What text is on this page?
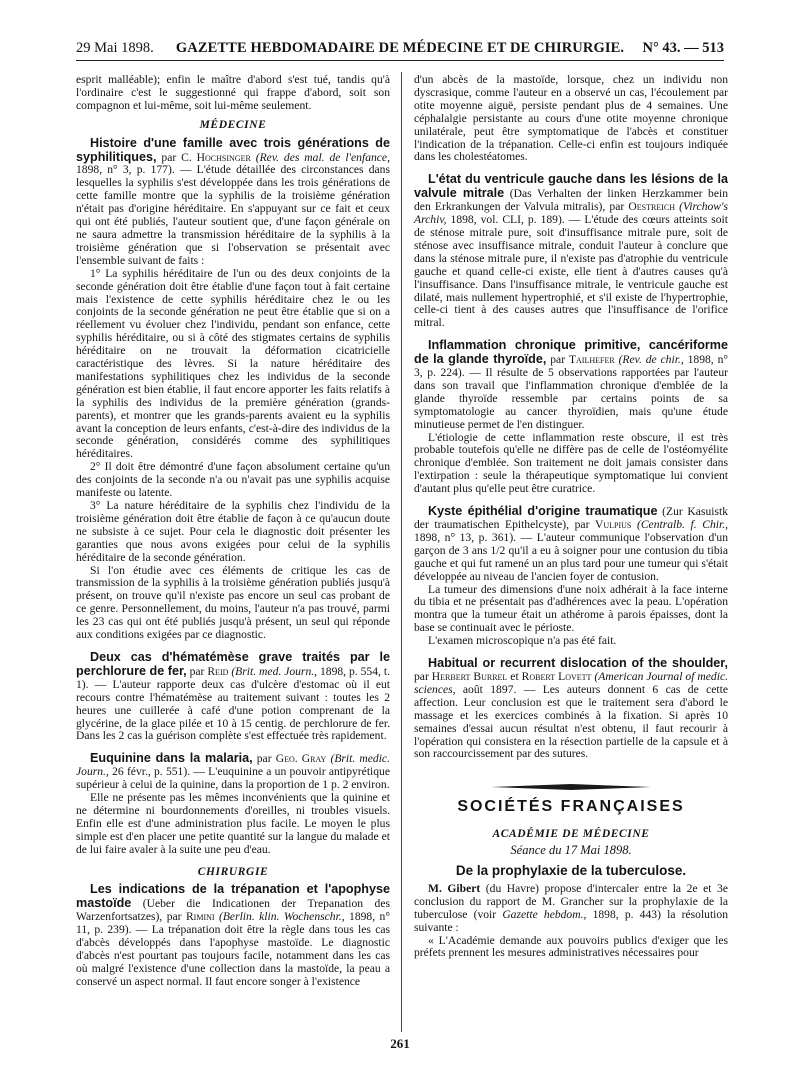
29 Mai 1898.	GAZETTE HEBDOMADAIRE DE MÉDECINE ET DE CHIRURGIE.	N° 43. — 513

esprit malléable); enfin le maître d'abord s'est tué, tandis qu'à l'ordinaire c'est le suggestionné qui frappe d'abord, soit son compagnon et lui-même, soit lui-même seulement.

MÉDECINE
Histoire d'une famille avec trois générations de syphilitiques, par C. Hochsinger (Rev. des mal. de l'enfance, 1898, n° 3, p. 177). — L'étude détaillée des circonstances dans lesquelles la syphilis s'est développée dans les trois générations de cette famille montre que la syphilis de la troisième génération n'était pas d'origine héréditaire. En s'appuyant sur ce fait et ceux qui ont été publiés, l'auteur soutient que, d'une façon générale on ne saura admettre la transmission héréditaire de la syphilis à la troisième génération que si l'observation se présentait avec l'ensemble suivant de faits :

1° La syphilis héréditaire de l'un ou des deux conjoints de la seconde génération doit être établie d'une façon tout à fait certaine mais l'existence de cette syphilis héréditaire chez le ou les conjoints de la seconde génération ne peut être établie que si on a réellement vu évoluer chez l'individu, pendant son enfance, cette syphilis héréditaire, ou si à côté des stigmates certains de syphilis héréditaire on ne trouvait la déformation cicatricielle caractéristique des lèvres. Si la nature héréditaire des manifestations syphilitiques chez les individus de la seconde génération est bien établie, il faut encore apporter les faits relatifs à la syphilis des individus de la première génération (grands-parents), et montrer que les grands-parents avaient eu la syphilis avant la conception de leurs enfants, c'est-à-dire des individus de la seconde génération, considérés comme des syphilitiques héréditaires.

2° Il doit être démontré d'une façon absolument certaine qu'un des conjoints de la seconde n'a ou n'avait pas une syphilis acquise manifeste ou latente.

3° La nature héréditaire de la syphilis chez l'individu de la troisième génération doit être établie de façon à ce qu'aucun doute ne subsiste à ce sujet. Pour cela le diagnostic doit présenter les garanties que nous avons exigées pour celui de la syphilis héréditaire de la seconde génération.

Si l'on étudie avec ces éléments de critique les cas de transmission de la syphilis à la troisième génération publiés jusqu'à présent, on trouve qu'il n'existe pas encore un seul cas probant de ce genre. Personnellement, du moins, l'auteur n'a pas trouvé, parmi les 23 cas qui ont été publiés jusqu'à présent, un seul qui réponde aux conditions exigées par ce diagnostic.

Deux cas d'hématémèse grave traités par le perchlorure de fer, par Reid (Brit. med. Journ., 1898, p. 554, t. 1). — L'auteur rapporte deux cas d'ulcère d'estomac où il eut recours contre l'hématémèse au traitement suivant : toutes les 2 heures une cuillerée à café d'une potion comprenant de la glycérine, de la glace pilée et 10 à 15 centig. de perchlorure de fer. Dans les 2 cas la guérison complète s'est effectuée très rapidement.
Euquinine dans la malaria, par Geo. Gray (Brit. medic. Journ., 26 févr., p. 551). — L'euquinine a un pouvoir antipyrétique supérieur à celui de la quinine, dans la proportion de 1 p. 2 environ.

Elle ne présente pas les mêmes inconvénients que la quinine et ne détermine ni bourdonnements d'oreilles, ni troubles visuels. Enfin elle est d'une administration plus facile. Le moyen le plus simple est d'en placer une petite quantité sur la langue du malade et de lui faire avaler à la suite une peu d'eau.

CHIRURGIE
Les indications de la trépanation et l'apophyse mastoïde (Ueber die Indicationen der Trepanation des Warzenfortsatzes), par Rimini (Berlin. klin. Wochenschr., 1898, n° 11, p. 239). — La trépanation doit être la règle dans tous les cas d'abcès développés dans l'apophyse mastoïde. Le diagnostic d'abcès n'est pourtant pas toujours facile, notamment dans les cas où malgré l'existence d'une collection dans la mastoïde, la peau a conservé un aspect normal. Il faut encore songer à l'existence

d'un abcès de la mastoïde, lorsque, chez un individu non dyscrasique, comme l'auteur en a observé un cas, l'écoulement par otite moyenne aiguë, persiste pendant plus de 4 semaines. Une céphalalgie persistante au cours d'une otite moyenne chronique unilatérale, peut être symptomatique de l'abcès et constituer l'indication de la trépanation. Celle-ci enfin est toujours indiquée dans les cholestéatomes.

L'état du ventricule gauche dans les lésions de la valvule mitrale (Das Verhalten der linken Herzkammer bein den Erkrankungen der Valvula mitralis), par Oestreich (Virchow's Archiv, 1898, vol. CLI, p. 189). — L'étude des cœurs atteints soit de sténose mitrale pure, soit d'insuffisance mitrale pure, soit de sténose avec insuffisance mitrale, conduit l'auteur à conclure que dans la sténose mitrale pure, il n'existe pas d'atrophie du ventricule gauche et quand celle-ci existe, elle tient à d'autres causes qu'à l'insuffisance. Dans l'insuffisance mitrale, le ventricule gauche est dilaté, mais nullement hypertrophié, et s'il existe de l'hypertrophie, celle-ci tient à des causes autres que l'insuffisance de l'orifice mitral.
Inflammation chronique primitive, cancériforme de la glande thyroïde, par Tailhefer (Rev. de chir., 1898, n° 3, p. 224). — Il résulte de 5 observations rapportées par l'auteur dans son travail que l'inflammation chronique d'emblée de la glande thyroïde ressemble par certains points de sa symptomatologie au cancer thyroïdien, mais qu'une étude minutieuse permet de l'en distinguer.

L'étiologie de cette inflammation reste obscure, il est très probable toutefois qu'elle ne diffère pas de celle de l'ostéomyélite chronique d'emblée. Son traitement ne doit jamais consister dans l'extirpation : seule la thérapeutique symptomatique lui convient d'autant plus qu'elle peut être curatrice.

Kyste épithélial d'origine traumatique (Zur Kasuistk der traumatischen Epithelcyste), par Vulpius (Centralb. f. Chir., 1898, n° 13, p. 361). — L'auteur communique l'observation d'un garçon de 3 ans 1/2 qu'il a eu à soigner pour une contusion du tibia gauche et qui fut ramené un an plus tard pour une tumeur qui s'était développée au niveau de l'ancien foyer de contusion.

La tumeur des dimensions d'une noix adhérait à la face interne du tibia et ne présentait pas d'adhérences avec la peau. L'opération montra que la tumeur était un athérome à parois épaisses, dont la base se continuait avec le périoste.

L'examen microscopique n'a pas été fait.

Habitual or recurrent dislocation of the shoulder, par Herbert Burrel et Robert Lovett (American Journal of medic. sciences, août 1897. — Les auteurs donnent 6 cas de cette affection. Leur conclusion est que le traitement sera d'abord le massage et les exercices combinés à la fixation. Si après 10 semaines d'essai aucun résultat n'est obtenu, il faut recourir à l'opération qui consistera en la résection partielle de la capsule et à son raccourcissement par des sutures.
SOCIÉTÉS FRANÇAISES
ACADÉMIE DE MÉDECINE
Séance du 17 Mai 1898.
De la prophylaxie de la tuberculose.
M. Gibert (du Havre) propose d'intercaler entre la 2e et 3e conclusion du rapport de M. Grancher sur la prophylaxie de la tuberculose (voir Gazette hebdom., 1898, p. 443) la résolution suivante :

« L'Académie demande aux pouvoirs publics d'exiger que les préfets prennent les mesures administratives nécessaires pour

261
